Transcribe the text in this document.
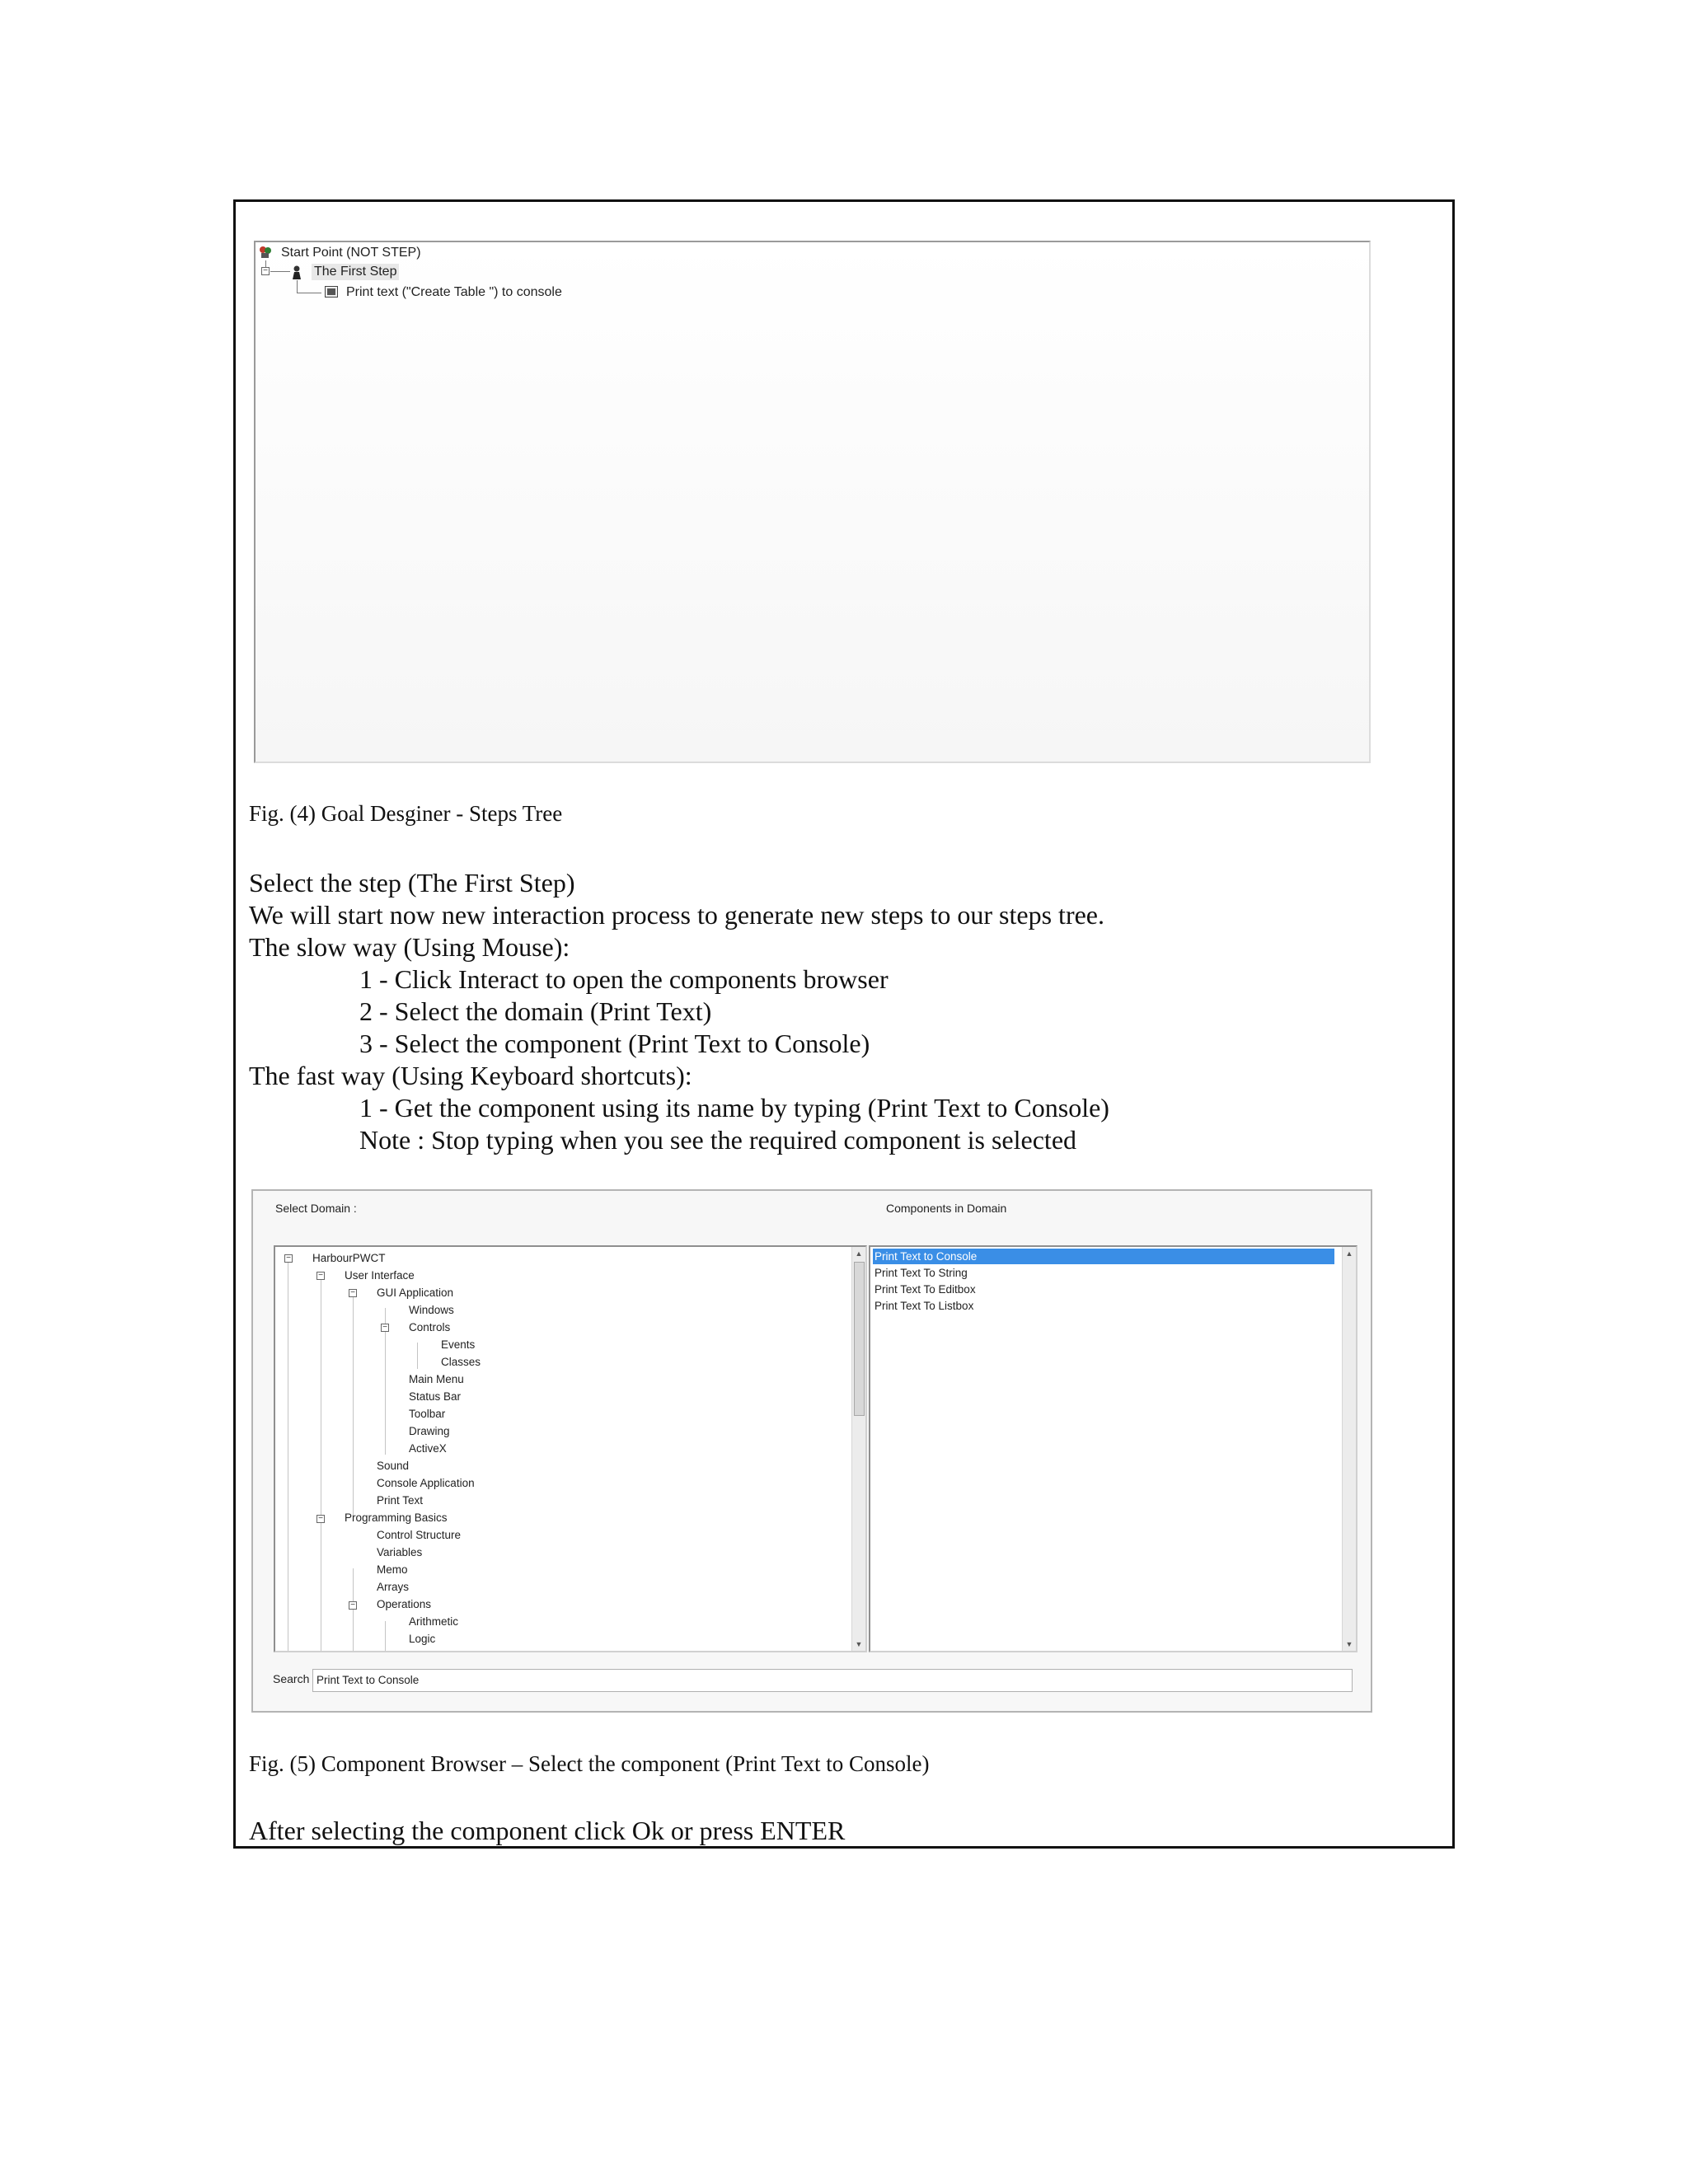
Start Point (NOT STEP)
−	The First Step
Print text ("Create Table ") to console
Fig. (4) Goal Desginer - Steps Tree
Select the step (The First Step)
We will start now new interaction process to generate new steps to our steps tree.
The slow way (Using Mouse):
1 - Click Interact to open the components browser
2 - Select the domain (Print Text)
3 - Select the component (Print Text to Console)
The fast way (Using Keyboard shortcuts):
1 - Get the component using its name by typing (Print Text to Console)
Note : Stop typing when you see the required component is selected
Select Domain :	Components in Domain
−
−
−
−
−
−
HarbourPWCT
User Interface
GUI Application
Windows
Controls
Events
Classes
Main Menu
Status Bar
Toolbar
Drawing
ActiveX
Sound
Console Application
Print Text
Programming Basics
Control Structure
Variables
Memo
Arrays
Operations
Arithmetic
Logic
▲
▼
Print Text to Console
Print Text To String
Print Text To Editbox
Print Text To Listbox
▲
▼
Search Print Text to Console
Fig. (5) Component Browser – Select the component (Print Text to Console)
After selecting the component click Ok or press ENTER
